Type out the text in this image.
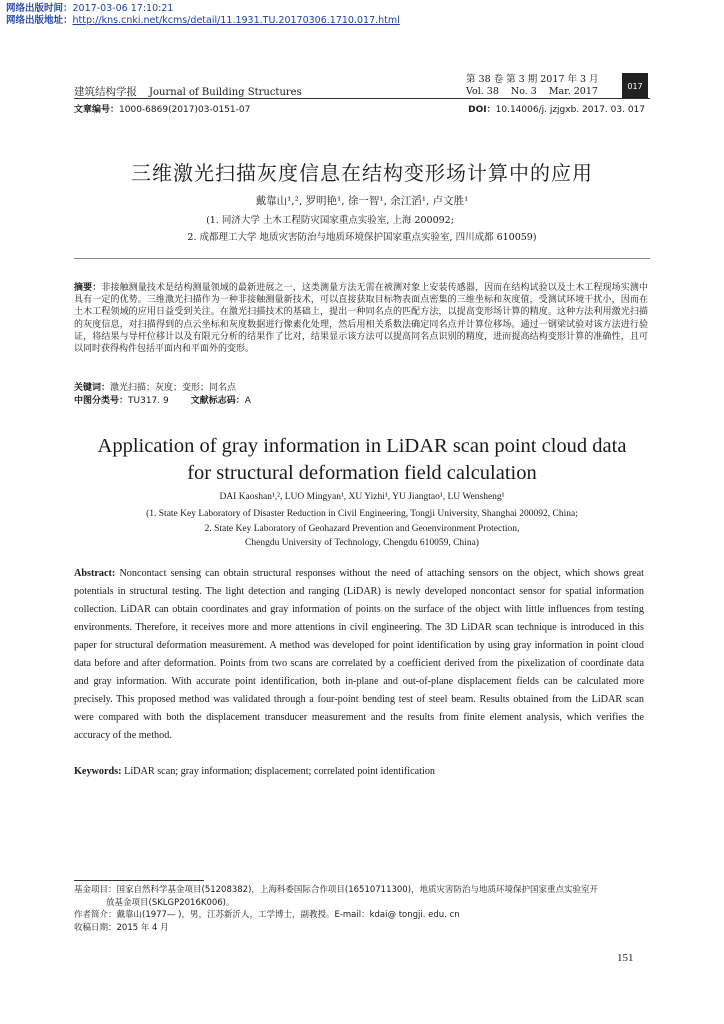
网络出版时间：2017-03-06 17:10:21
网络出版地址：http://kns.cnki.net/kcms/detail/11.1931.TU.20170306.1710.017.html
建筑结构学报 Journal of Building Structures
第 38 卷 第 3 期 2017 年 3 月
Vol. 38 No. 3 Mar. 2017	017
文章编号：1000-6869(2017)03-0151-07	DOI：10.14006/j. jzjgxb. 2017. 03. 017
三维激光扫描灰度信息在结构变形场计算中的应用
戴靠山¹,², 罗明艳¹, 徐一智¹, 余江滔¹, 卢文胜¹
(1. 同济大学 土木工程防灾国家重点实验室, 上海 200092;
2. 成都理工大学 地质灾害防治与地质环境保护国家重点实验室, 四川成都 610059)
摘要：非接触测量技术是结构测量领域的最新进展之一，这类测量方法无需在被测对象上安装传感器，因而在结构试验以及土木工程现场实测中具有一定的优势。三维激光扫描作为一种非接触测量新技术，可以直接获取目标物表面点密集的三维坐标和灰度值，受测试环境干扰小，因而在土木工程领域的应用日益受到关注。在激光扫描技术的基础上，提出一种同名点的匹配方法，以提高变形场计算的精度。这种方法利用激光扫描的灰度信息，对扫描得到的点云坐标和灰度数据进行像素化处理，然后用相关系数法确定同名点并计算位移场。通过一钢梁试验对该方法进行验证，将结果与导杆位移计以及有限元分析的结果作了比对，结果显示该方法可以提高同名点识别的精度，进而提高结构变形计算的准确性，且可以同时获得构件包括平面内和平面外的变形。
关键词：激光扫描；灰度；变形；同名点
中图分类号：TU317. 9 文献标志码：A
Application of gray information in LiDAR scan point cloud data
for structural deformation field calculation
DAI Kaoshan¹,², LUO Mingyan¹, XU Yizhi¹, YU Jiangtao¹, LU Wensheng¹
(1. State Key Laboratory of Disaster Reduction in Civil Engineering, Tongji University, Shanghai 200092, China;
2. State Key Laboratory of Geohazard Prevention and Geoenvironment Protection,
Chengdu University of Technology, Chengdu 610059, China)
Abstract: Noncontact sensing can obtain structural responses without the need of attaching sensors on the object, which shows great potentials in structural testing. The light detection and ranging (LiDAR) is newly developed noncontact sensor for spatial information collection. LiDAR can obtain coordinates and gray information of points on the surface of the object with little influences from testing environments. Therefore, it receives more and more attentions in civil engineering. The 3D LiDAR scan technique is introduced in this paper for structural deformation measurement. A method was developed for point identification by using gray information in point cloud data before and after deformation. Points from two scans are correlated by a coefficient derived from the pixelization of coordinate data and gray information. With accurate point identification, both in-plane and out-of-plane displacement fields can be calculated more precisely. This proposed method was validated through a four-point bending test of steel beam. Results obtained from the LiDAR scan were compared with both the displacement transducer measurement and the results from finite element analysis, which verifies the accuracy of the method.
Keywords: LiDAR scan; gray information; displacement; correlated point identification
基金项目：国家自然科学基金项目(51208382)，上海科委国际合作项目(16510711300)，地质灾害防治与地质环境保护国家重点实验室开
放基金项目(SKLGP2016K006)。
作者简介：戴靠山(1977— )，男，江苏新沂人，工学博士，副教授。E-mail：kdai@ tongji. edu. cn
收稿日期：2015 年 4 月
151
